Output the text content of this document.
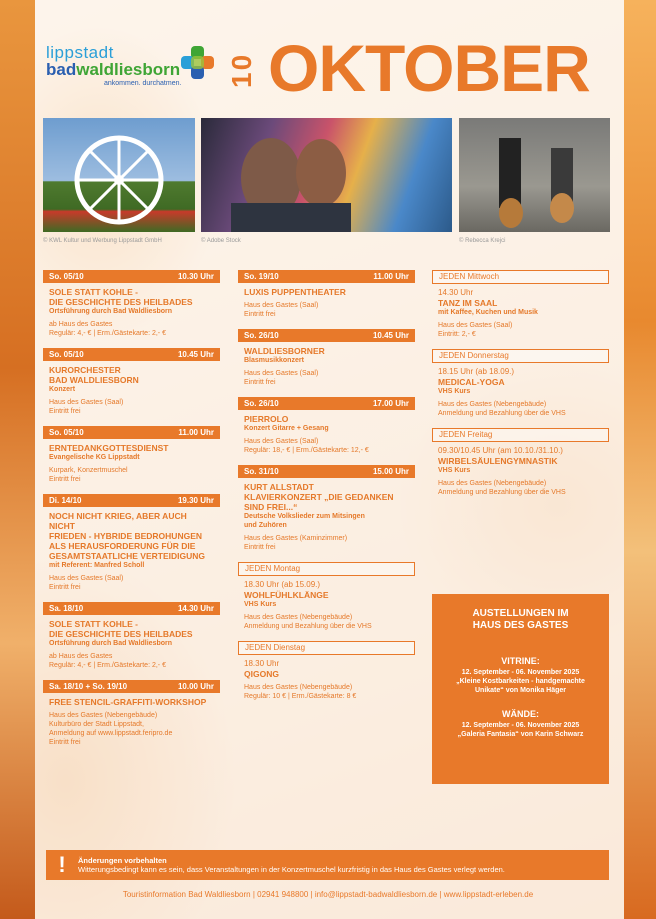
lippstadt
badwaldliesborn
ankommen. durchatmen. 10 OKTOBER
© KWL Kultur und Werbung Lippstadt GmbH	© Adobe Stock	© Rebecca Krejci
So. 05/10	10.30 Uhr
SOLE STATT KOHLE -
DIE GESCHICHTE DES HEILBADES
Ortsführung durch Bad Waldliesborn
ab Haus des Gastes
Regulär: 4,- € | Erm./Gästekarte: 2,- €
So. 05/10	10.45 Uhr
KURORCHESTER
BAD WALDLIESBORN
Konzert
Haus des Gastes (Saal)
Eintritt frei
So. 05/10	11.00 Uhr
ERNTEDANKGOTTESDIENST
Evangelische KG Lippstadt
Kurpark, Konzertmuschel
Eintritt frei
Di. 14/10	19.30 Uhr
NOCH NICHT KRIEG, ABER AUCH NICHT
FRIEDEN - HYBRIDE BEDROHUNGEN
ALS HERAUSFORDERUNG FÜR DIE
GESAMTSTAATLICHE VERTEIDIGUNG
mit Referent: Manfred Scholl
Haus des Gastes (Saal)
Eintritt frei
Sa. 18/10	14.30 Uhr
SOLE STATT KOHLE -
DIE GESCHICHTE DES HEILBADES
Ortsführung durch Bad Waldliesborn
ab Haus des Gastes
Regulär: 4,- € | Erm./Gästekarte: 2,- €
Sa. 18/10 + So. 19/10	10.00 Uhr
FREE STENCIL-GRAFFITI-WORKSHOP
Haus des Gastes (Nebengebäude)
Kulturbüro der Stadt Lippstadt,
Anmeldung auf www.lippstadt.feripro.de
Eintritt frei
So. 19/10	11.00 Uhr
LUXIS PUPPENTHEATER
Haus des Gastes (Saal)
Eintritt frei
So. 26/10	10.45 Uhr
WALDLIESBORNER
Blasmusikkonzert
Haus des Gastes (Saal)
Eintritt frei
So. 26/10	17.00 Uhr
PIERROLO
Konzert Gitarre + Gesang
Haus des Gastes (Saal)
Regulär: 18,- € | Erm./Gästekarte: 12,- €
So. 31/10	15.00 Uhr
KURT ALLSTADT
KLAVIERKONZERT „DIE GEDANKEN
SIND FREI...“
Deutsche Volkslieder zum Mitsingen
und Zuhören
Haus des Gastes (Kaminzimmer)
Eintritt frei
JEDEN Montag
18.30 Uhr (ab 15.09.)
WOHLFÜHLKLÄNGE
VHS Kurs
Haus des Gastes (Nebengebäude)
Anmeldung und Bezahlung über die VHS
JEDEN Dienstag
18.30 Uhr
QIGONG
Haus des Gastes (Nebengebäude)
Regulär: 10 € | Erm./Gästekarte: 8 €
JEDEN Mittwoch
14.30 Uhr
TANZ IM SAAL
mit Kaffee, Kuchen und Musik
Haus des Gastes (Saal)
Eintritt: 2,- €
JEDEN Donnerstag
18.15 Uhr (ab 18.09.)
MEDICAL-YOGA
VHS Kurs
Haus des Gastes (Nebengebäude)
Anmeldung und Bezahlung über die VHS
JEDEN Freitag
09.30/10.45 Uhr (am 10.10./31.10.)
WIRBELSÄULENGYMNASTIK
VHS Kurs
Haus des Gastes (Nebengebäude)
Anmeldung und Bezahlung über die VHS
AUSTELLUNGEN IM
HAUS DES GASTES
VITRINE:
12. September - 06. November 2025
„Kleine Kostbarkeiten - handgemachte
Unikate“ von Monika Häger
WÄNDE:
12. September - 06. November 2025
„Galeria Fantasia“ von Karin Schwarz
!	Änderungen vorbehalten
Witterungsbedingt kann es sein, dass Veranstaltungen in der Konzertmuschel kurzfristig in das Haus des Gastes verlegt werden.
Touristinformation Bad Waldliesborn | 02941 948800 | info@lippstadt-badwaldliesborn.de | www.lippstadt-erleben.de
